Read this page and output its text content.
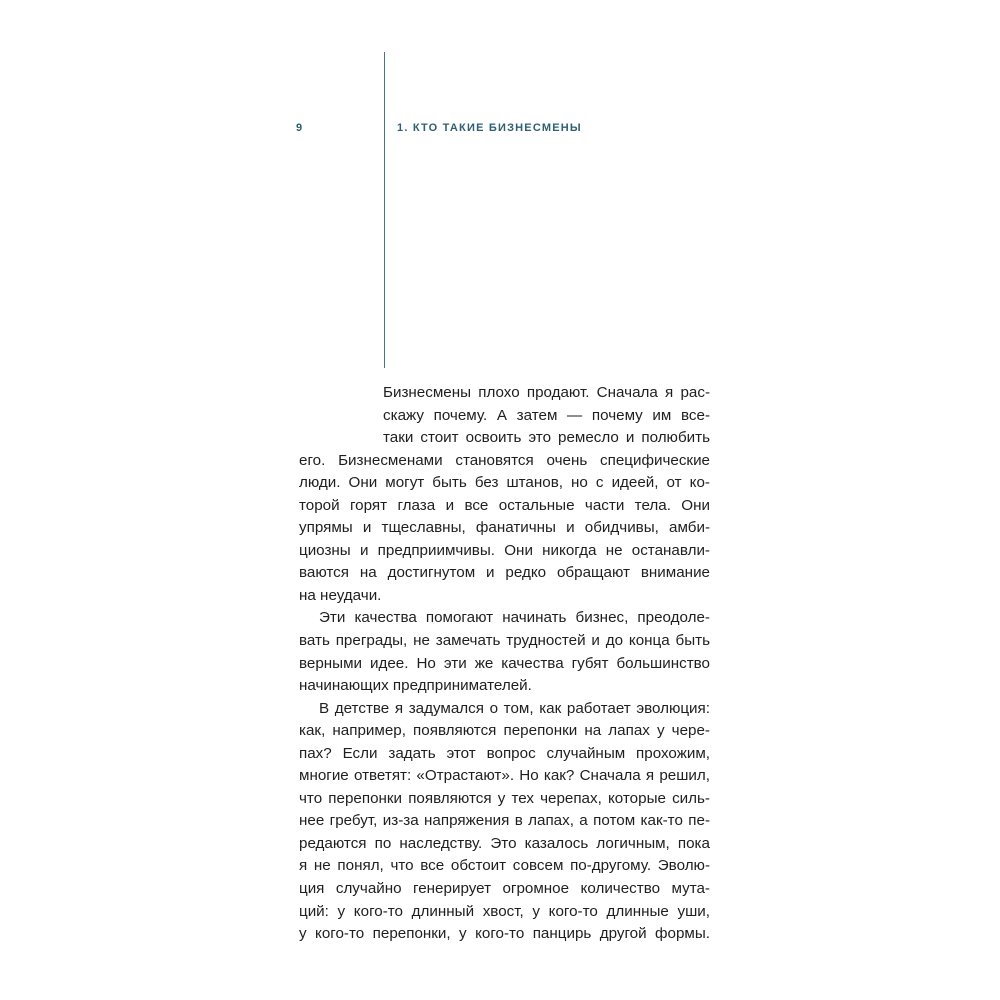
9	1. КТО ТАКИЕ БИЗНЕСМЕНЫ
Бизнесмены плохо продают. Сначала я рас-
скажу почему. А затем — почему им все-
таки стоит освоить это ремесло и полюбить
его. Бизнесменами становятся очень специфические
люди. Они могут быть без штанов, но с идеей, от ко-
торой горят глаза и все остальные части тела. Они
упрямы и тщеславны, фанатичны и обидчивы, амби-
циозны и предприимчивы. Они никогда не останавли-
ваются на достигнутом и редко обращают внимание
на неудачи.
Эти качества помогают начинать бизнес, преодоле-
вать преграды, не замечать трудностей и до конца быть
верными идее. Но эти же качества губят большинство
начинающих предпринимателей.
В детстве я задумался о том, как работает эволюция:
как, например, появляются перепонки на лапах у чере-
пах? Если задать этот вопрос случайным прохожим,
многие ответят: «Отрастают». Но как? Сначала я решил,
что перепонки появляются у тех черепах, которые силь-
нее гребут, из-за напряжения в лапах, а потом как-то пе-
редаются по наследству. Это казалось логичным, пока
я не понял, что все обстоит совсем по-другому. Эволю-
ция случайно генерирует огромное количество мута-
ций: у кого-то длинный хвост, у кого-то длинные уши,
у кого-то перепонки, у кого-то панцирь другой формы.
